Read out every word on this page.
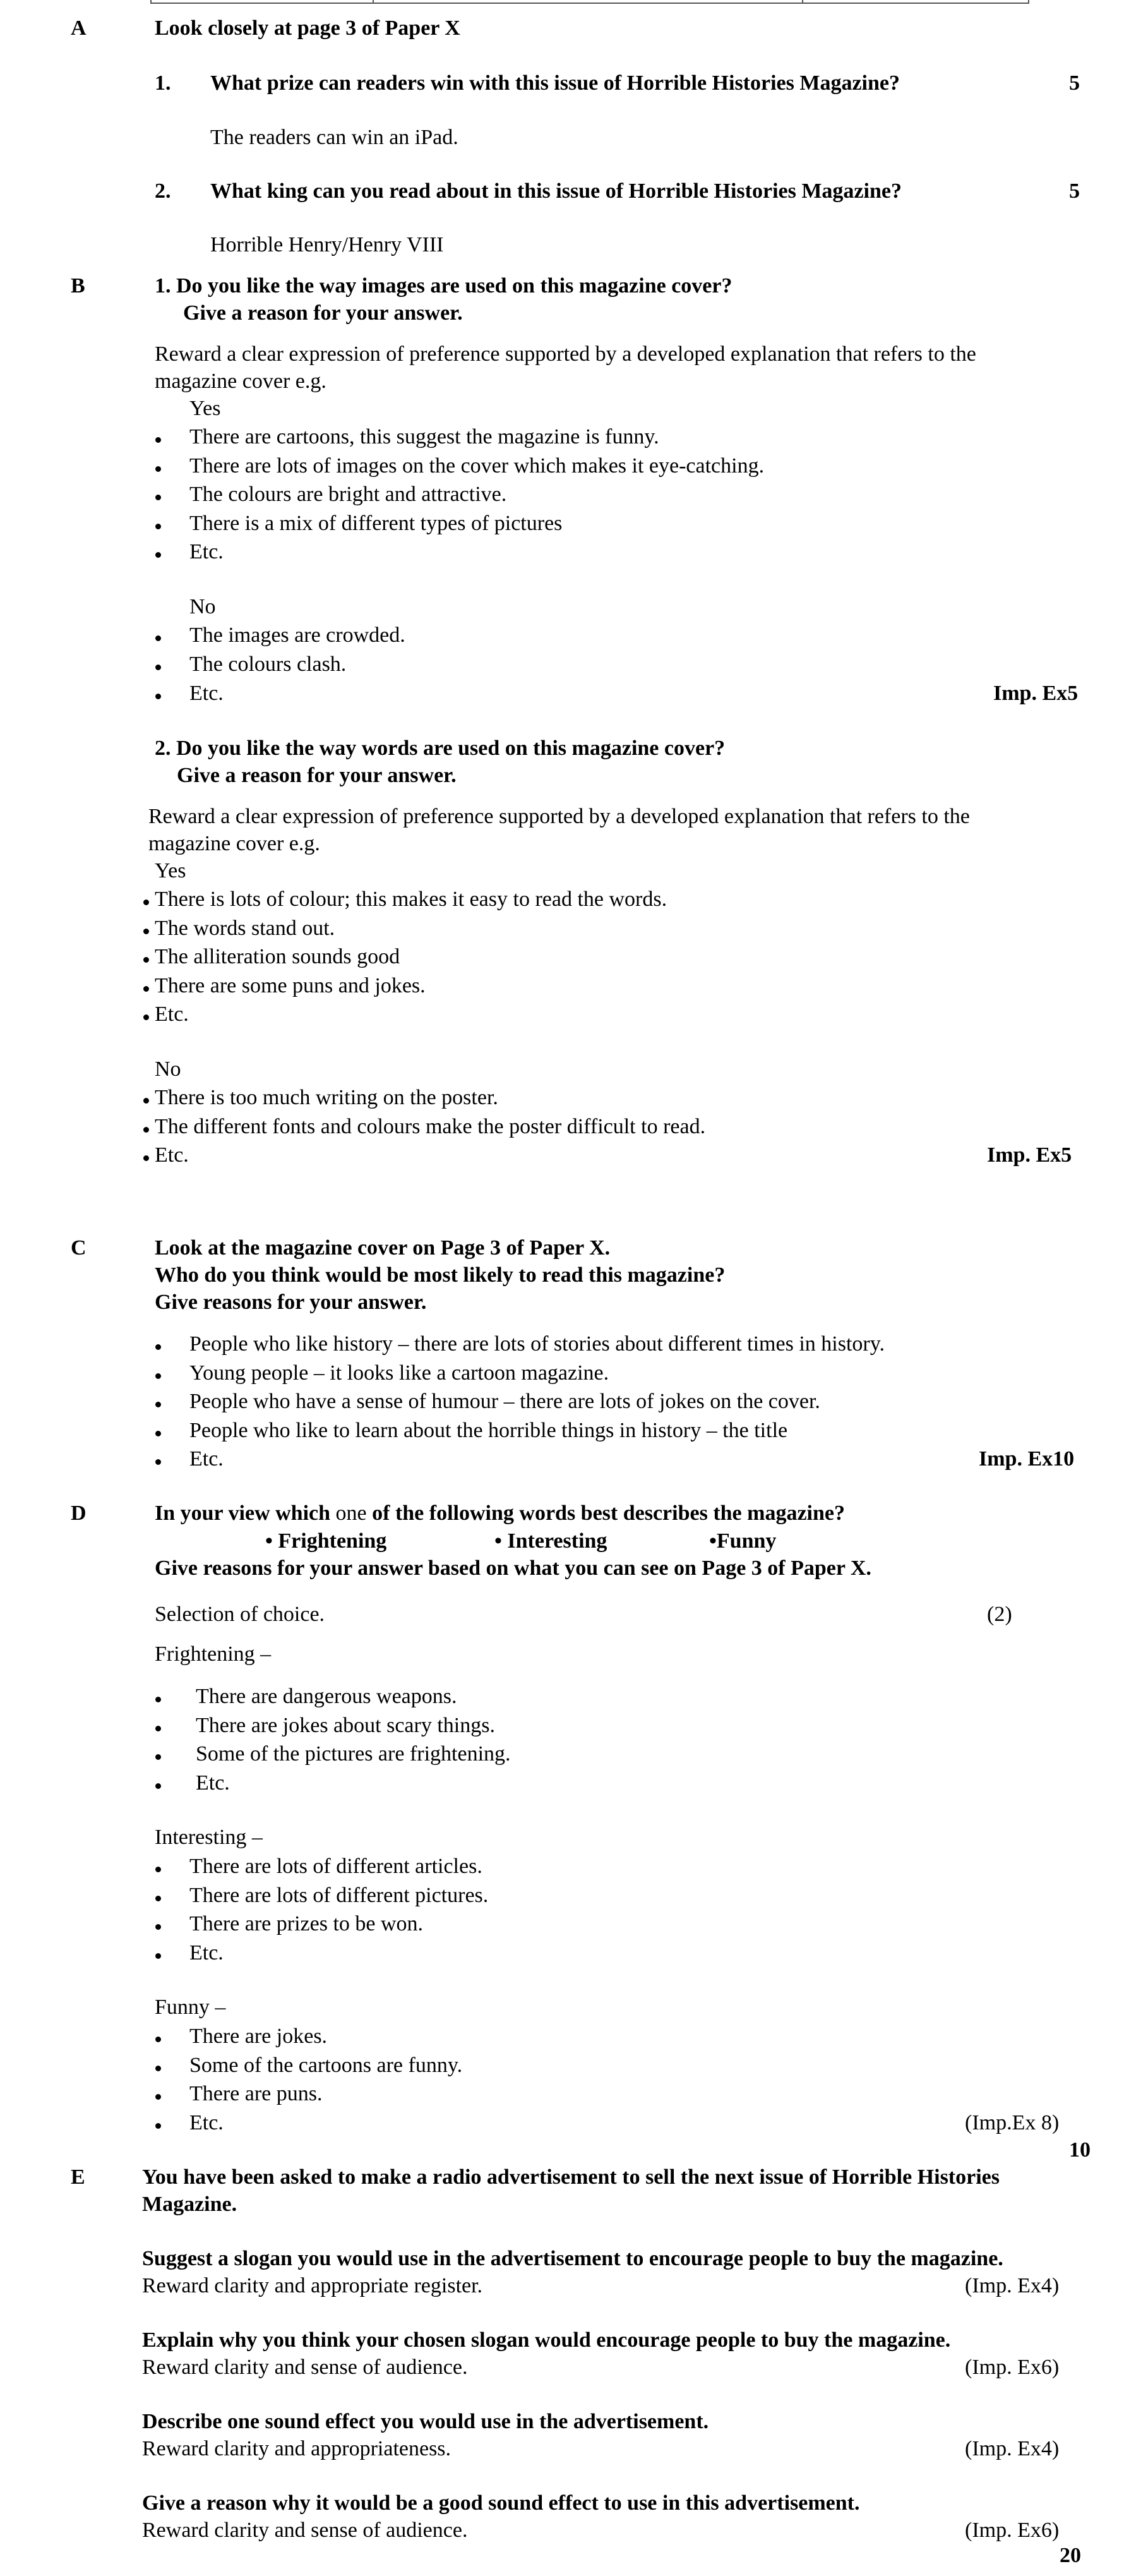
A	Look closely at page 3 of Paper X
1. What prize can readers win with this issue of Horrible Histories Magazine?	5
The readers can win an iPad.
2. What king can you read about in this issue of Horrible Histories Magazine?	5
Horrible Henry/Henry VIII
B	1. Do you like the way images are used on this magazine cover?
Give a reason for your answer.
Reward a clear expression of preference supported by a developed explanation that refers to the
magazine cover e.g.
Yes
There are cartoons, this suggest the magazine is funny.
There are lots of images on the cover which makes it eye-catching.
The colours are bright and attractive.
There is a mix of different types of pictures
Etc.
No
The images are crowded.
The colours clash.
Etc.	Imp. Ex5
2. Do you like the way words are used on this magazine cover?
Give a reason for your answer.
Reward a clear expression of preference supported by a developed explanation that refers to the
magazine cover e.g.
Yes
There is lots of colour; this makes it easy to read the words.
The words stand out.
The alliteration sounds good
There are some puns and jokes.
Etc.
No
There is too much writing on the poster.
The different fonts and colours make the poster difficult to read.
Etc.	Imp. Ex5
C	Look at the magazine cover on Page 3 of Paper X.
Who do you think would be most likely to read this magazine?
Give reasons for your answer.
People who like history – there are lots of stories about different times in history.
Young people – it looks like a cartoon magazine.
People who have a sense of humour – there are lots of jokes on the cover.
People who like to learn about the horrible things in history – the title
Etc.	Imp. Ex10
D	In your view which one of the following words best describes the magazine?
• Frightening	• Interesting	•Funny
Give reasons for your answer based on what you can see on Page 3 of Paper X.
Selection of choice.	(2)
Frightening –
There are dangerous weapons.
There are jokes about scary things.
Some of the pictures are frightening.
Etc.
Interesting –
There are lots of different articles.
There are lots of different pictures.
There are prizes to be won.
Etc.
Funny –
There are jokes.
Some of the cartoons are funny.
There are puns.
Etc.	(Imp.Ex 8)
10
E	You have been asked to make a radio advertisement to sell the next issue of Horrible Histories
Magazine.
Suggest a slogan you would use in the advertisement to encourage people to buy the magazine.
Reward clarity and appropriate register.	(Imp. Ex4)
Explain why you think your chosen slogan would encourage people to buy the magazine.
Reward clarity and sense of audience.	(Imp. Ex6)
Describe one sound effect you would use in the advertisement.
Reward clarity and appropriateness.	(Imp. Ex4)
Give a reason why it would be a good sound effect to use in this advertisement.
Reward clarity and sense of audience.	(Imp. Ex6)
20
